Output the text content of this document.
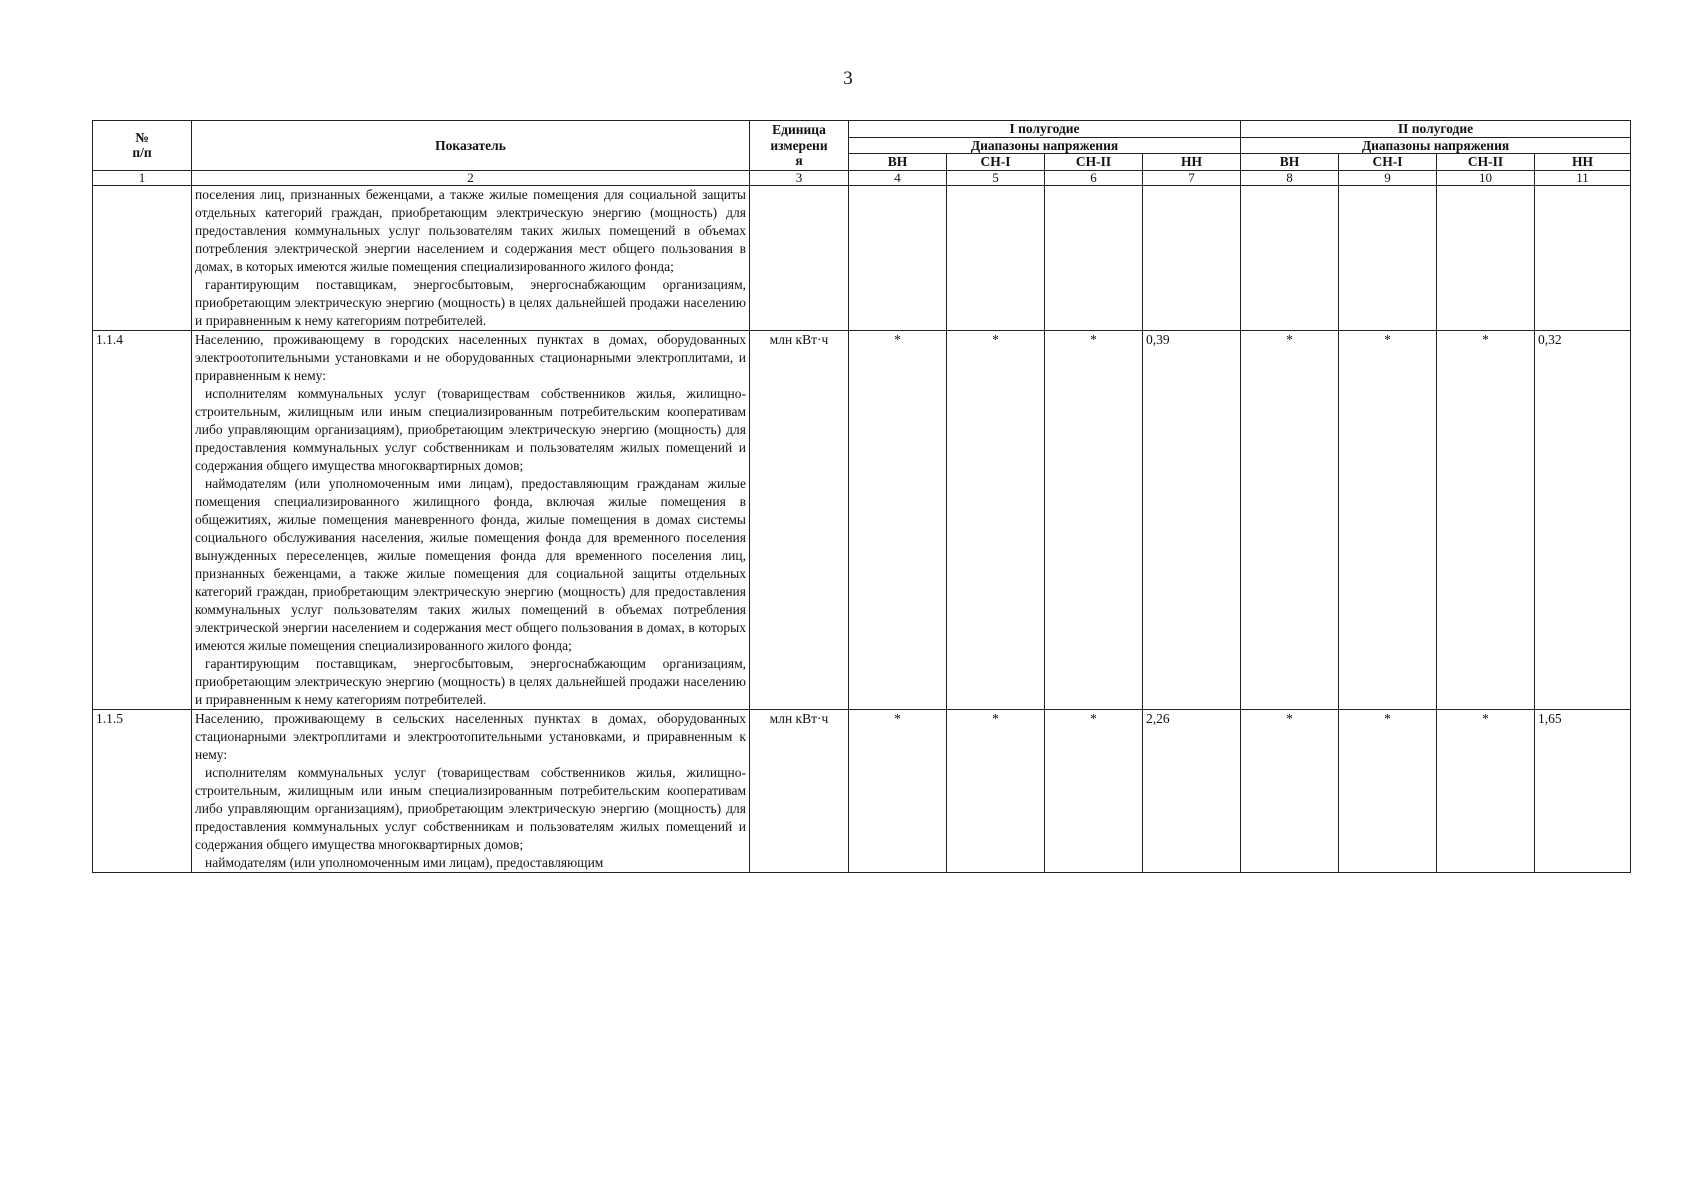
3
№
п/п	Показатель	Единица
измерени
я	I полугодие				II полугодие			
			Диапазоны напряжения				Диапазоны напряжения			
			ВН	СН-I	СН-II	НН	ВН	СН-I	СН-II	НН
1	2	3	4	5	6	7	8	9	10	11

	поселения лиц, признанных беженцами, а также жилые помещения для социальной защиты отдельных категорий граждан, приобретающим электрическую энергию (мощность) для предоставления коммунальных услуг пользователям таких жилых помещений в объемах потребления электрической энергии населением и содержания мест общего пользования в домах, в которых имеются жилые помещения специализированного жилого фонда;

гарантирующим поставщикам, энергосбытовым, энергоснабжающим организациям, приобретающим электрическую энергию (мощность) в целях дальнейшей продажи населению и приравненным к нему категориям потребителей.									

1.1.4	Населению, проживающему в городских населенных пунктах в домах, оборудованных электроотопительными установками и не оборудованных стационарными электроплитами, и приравненным к нему:

исполнителям коммунальных услуг (товариществам собственников жилья, жилищно-строительным, жилищным или иным специализированным потребительским кооперативам либо управляющим организациям), приобретающим электрическую энергию (мощность) для предоставления коммунальных услуг собственникам и пользователям жилых помещений и содержания общего имущества многоквартирных домов;

наймодателям (или уполномоченным ими лицам), предоставляющим гражданам жилые помещения специализированного жилищного фонда, включая жилые помещения в общежитиях, жилые помещения маневренного фонда, жилые помещения в домах системы социального обслуживания населения, жилые помещения фонда для временного поселения вынужденных переселенцев, жилые помещения фонда для временного поселения лиц, признанных беженцами, а также жилые помещения для социальной защиты отдельных категорий граждан, приобретающим электрическую энергию (мощность) для предоставления коммунальных услуг пользователям таких жилых помещений в объемах потребления электрической энергии населением и содержания мест общего пользования в домах, в которых имеются жилые помещения специализированного жилого фонда;

гарантирующим поставщикам, энергосбытовым, энергоснабжающим организациям, приобретающим электрическую энергию (мощность) в целях дальнейшей продажи населению и приравненным к нему категориям потребителей.	млн кВт·ч	*	*	*	0,39	*	*	*	0,32
1.1.5	Населению, проживающему в сельских населенных пунктах в домах, оборудованных стационарными электроплитами и электроотопительными установками, и приравненным к нему:

исполнителям коммунальных услуг (товариществам собственников жилья, жилищно-строительным, жилищным или иным специализированным потребительским кооперативам либо управляющим организациям), приобретающим электрическую энергию (мощность) для предоставления коммунальных услуг собственникам и пользователям жилых помещений и содержания общего имущества многоквартирных домов;

наймодателям (или уполномоченным ими лицам), предоставляющим	млн кВт·ч	*	*	*	2,26	*	*	*	1,65
